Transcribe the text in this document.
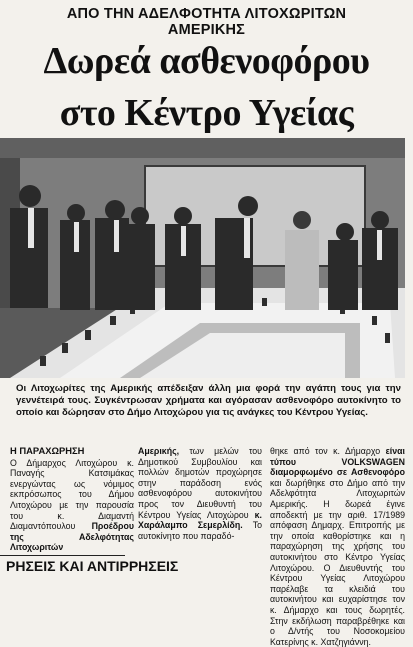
ΑΠΟ ΤΗΝ ΑΔΕΛΦΟΤΗΤΑ ΛΙΤΟΧΩΡΙΤΩΝ
ΑΜΕΡΙΚΗΣ
Δωρεά ασθενοφόρου
στο Κέντρο Υγείας
Οι Λιτοχωρίτες της Αμερικής απέδειξαν άλλη μια φορά την αγάπη τους για την γεννέτειρά τους. Συγκέντρωσαν χρήματα και αγόρασαν ασθενοφόρο αυτοκίνητο το οποίο και δώρησαν στο Δήμο Λιτοχώρου για τις ανάγκες του Κέντρου Υγείας.
Η ΠΑΡΑΧΩΡΗΣΗ
Ο Δήμαρχος Λιτοχώρου κ. Παναγής Κατσιμάκας ενεργώντας ως νόμιμος εκπρόσωπος του Δήμου Λιτοχώρου με την παρουσία του κ. Διαμαντή Διαμαντόπουλου Προέδρου της Αδελφότητας Λιτοχωριτών
Αμερικής, των μελών του Δημοτικού Συμβουλίου και πολλών δημοτών προχώρησε στην παράδοση ενός ασθενοφόρου αυτοκινήτου προς τον Διευθυντή του Κέντρου Υγείας Λιτοχώρου κ. Χαράλαμπο Σεμερλίδη. Το αυτοκίνητο που παραδό-
θηκε από τον κ. Δήμαρχο είναι τύπου VOLKSWAGEN διαμορφωμένο σε Ασθενοφόρο και δωρήθηκε στο Δήμο από την Αδελφότητα Λιτοχωριτών Αμερικής. Η δωρεά έγινε αποδεκτή με την αριθ. 17/1989 απόφαση Δημαρχ. Επιτροπής με την οποία καθορίστηκε και η παραχώρηση της χρήσης του αυτοκινήτου στο Κέντρο Υγείας Λιτοχώρου. Ο Διευθυντής του Κέντρου Υγείας Λιτοχώρου παρέλαβε τα κλειδιά του αυτοκινήτου και ευχαρίστησε τον κ. Δήμαρχο και τους δωρητές. Στην εκδήλωση παραβρέθηκε και ο Δ/ντής του Νοσοκομείου Κατερίνης κ. Χατζηγιάννη.
ΡΗΣΕΙΣ ΚΑΙ ΑΝΤΙΡΡΗΣΕΙΣ
